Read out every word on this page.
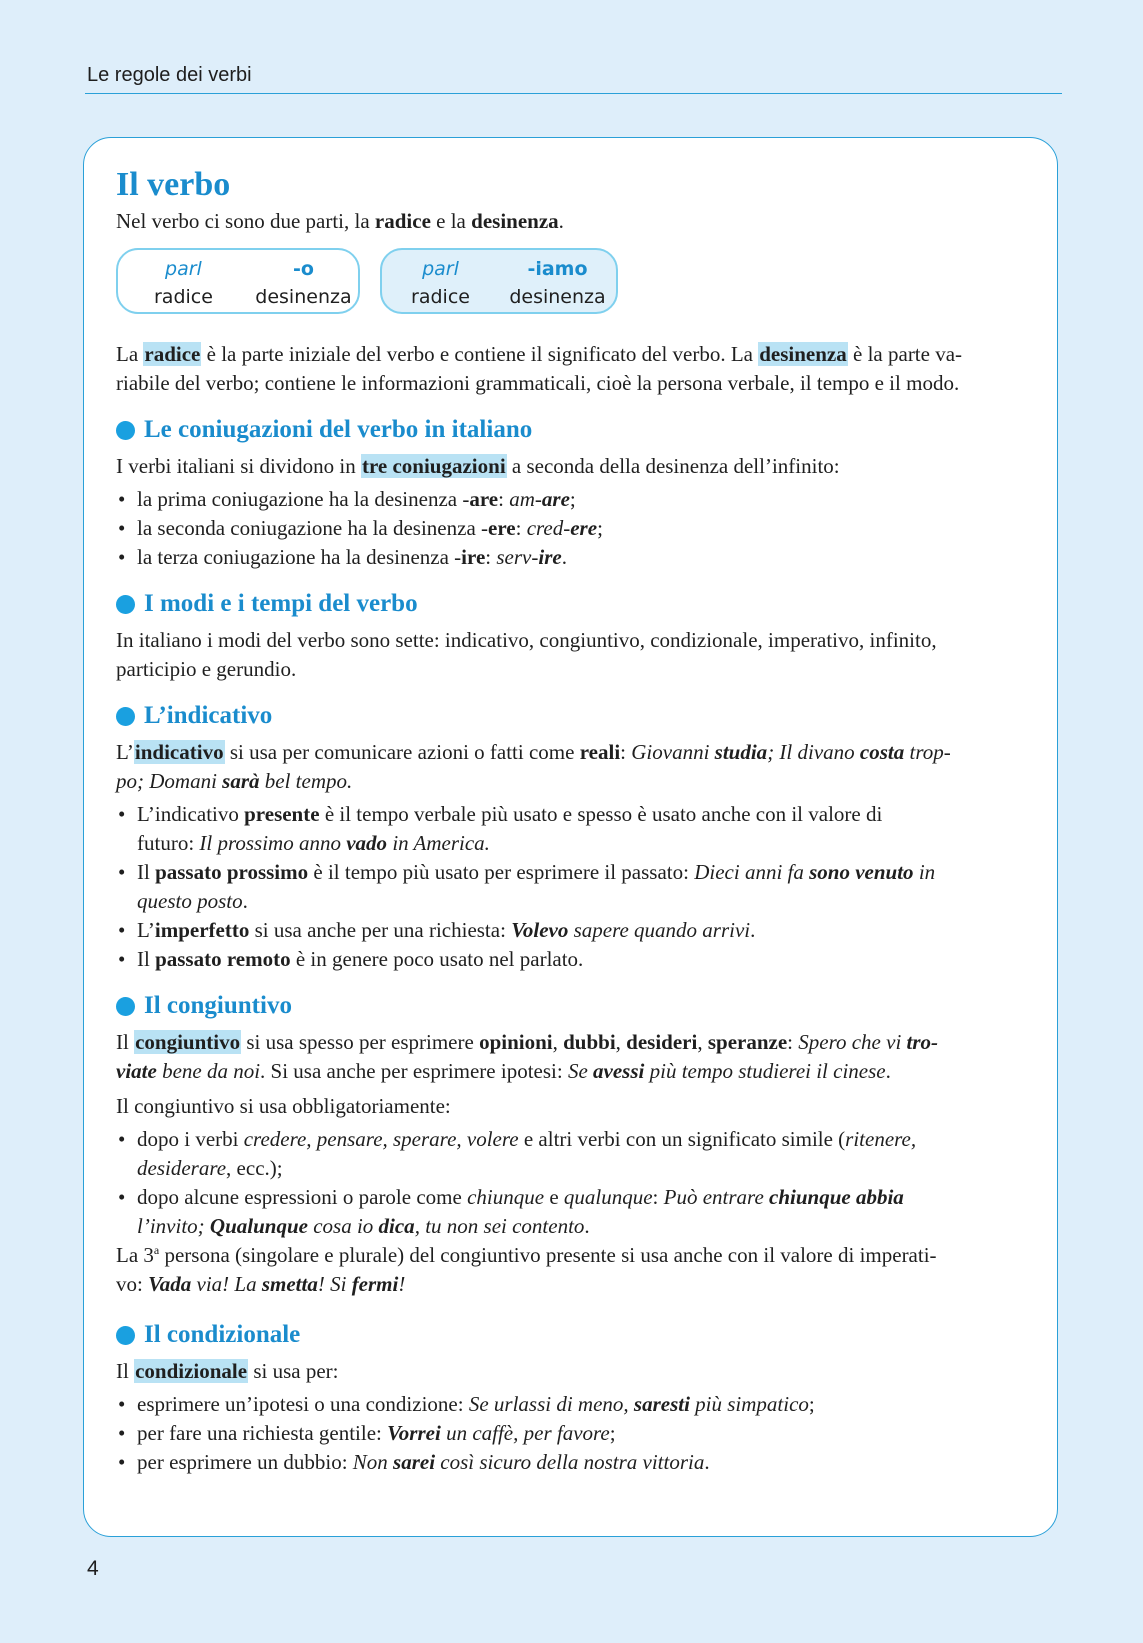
Le regole dei verbi
Il verbo

Nel verbo ci sono due parti, la radice e la desinenza.

parl	-o
radice	desinenza
parl	-iamo
radice	desinenza

La radice è la parte iniziale del verbo e contiene il significato del verbo. La desinenza è la parte va-
riabile del verbo; contiene le informazioni grammaticali, cioè la persona verbale, il tempo e il modo.

Le coniugazioni del verbo in italiano

I verbi italiani si dividono in tre coniugazioni a seconda della desinenza dell’infinito:

• la prima coniugazione ha la desinenza -are: am-are;
• la seconda coniugazione ha la desinenza -ere: cred-ere;
• la terza coniugazione ha la desinenza -ire: serv-ire.
I modi e i tempi del verbo

In italiano i modi del verbo sono sette: indicativo, congiuntivo, condizionale, imperativo, infinito,
participio e gerundio.

L’indicativo

L’indicativo si usa per comunicare azioni o fatti come reali: Giovanni studia; Il divano costa trop-
po; Domani sarà bel tempo.

• L’indicativo presente è il tempo verbale più usato e spesso è usato anche con il valore di
futuro: Il prossimo anno vado in America.
• Il passato prossimo è il tempo più usato per esprimere il passato: Dieci anni fa sono venuto in
questo posto.
• L’imperfetto si usa anche per una richiesta: Volevo sapere quando arrivi.
• Il passato remoto è in genere poco usato nel parlato.
Il congiuntivo

Il congiuntivo si usa spesso per esprimere opinioni, dubbi, desideri, speranze: Spero che vi tro-
viate bene da noi. Si usa anche per esprimere ipotesi: Se avessi più tempo studierei il cinese.

Il congiuntivo si usa obbligatoriamente:

• dopo i verbi credere, pensare, sperare, volere e altri verbi con un significato simile (ritenere,
desiderare, ecc.);
• dopo alcune espressioni o parole come chiunque e qualunque: Può entrare chiunque abbia
l’invito; Qualunque cosa io dica, tu non sei contento.

La 3$^a$ persona (singolare e plurale) del congiuntivo presente si usa anche con il valore di imperati-
vo: Vada via! La smetta! Si fermi!

Il condizionale

Il condizionale si usa per:

• esprimere un’ipotesi o una condizione: Se urlassi di meno, saresti più simpatico;
• per fare una richiesta gentile: Vorrei un caffè, per favore;
• per esprimere un dubbio: Non sarei così sicuro della nostra vittoria.
4
